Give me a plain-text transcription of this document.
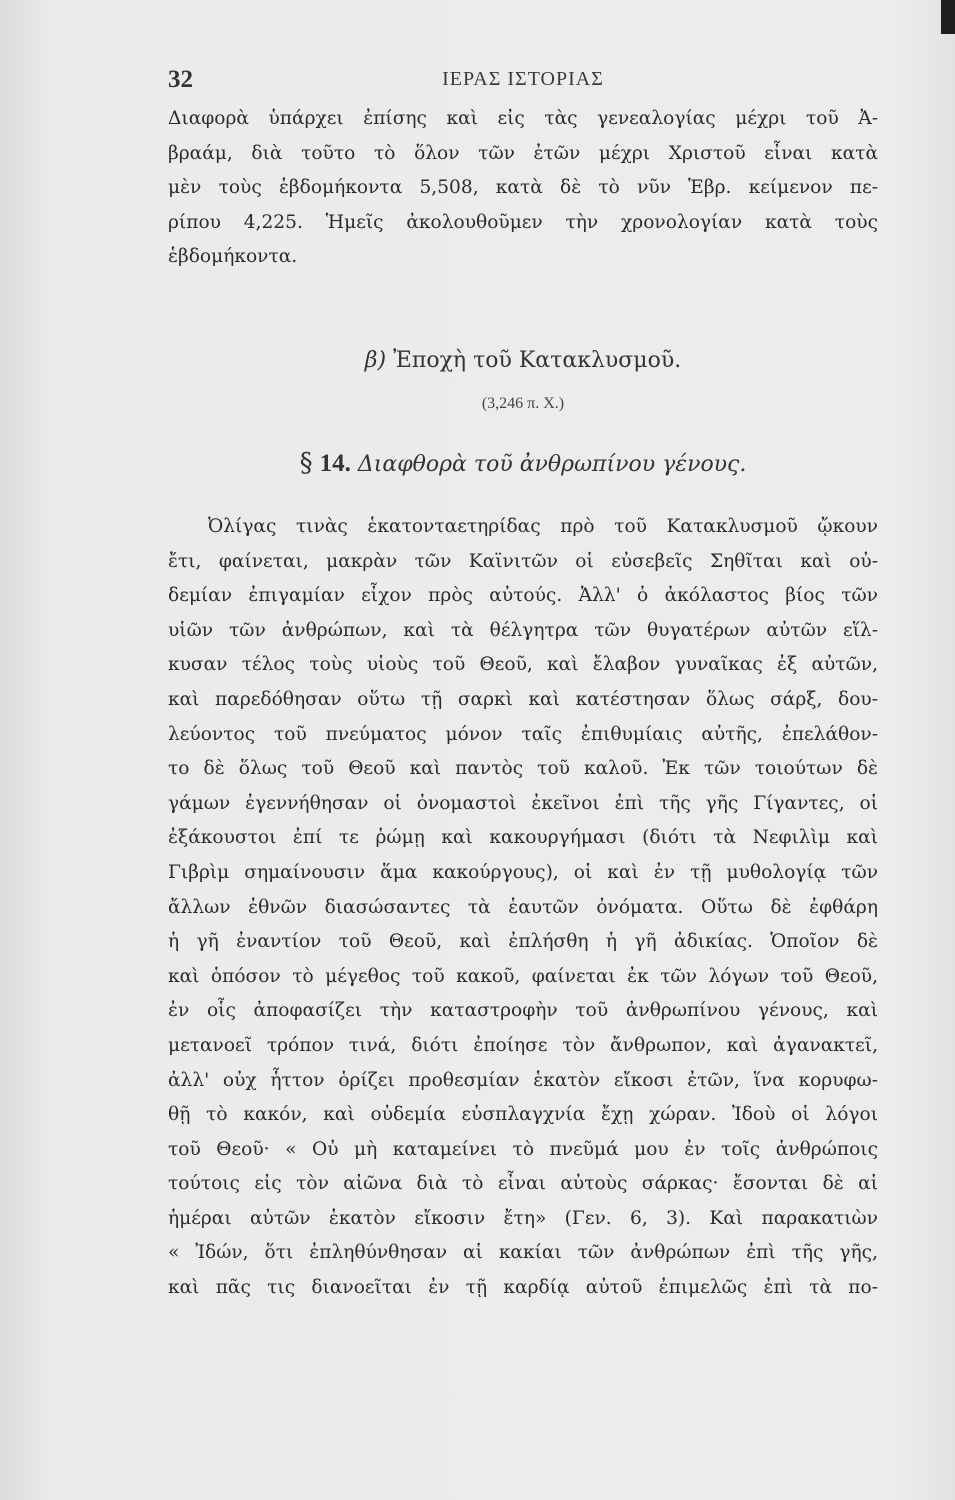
32	ΙΕΡΑΣ ΙΣΤΟΡΙΑΣ
Διαφορὰ ὑπάρχει ἐπίσης καὶ εἰς τὰς γενεαλογίας μέχρι τοῦ Ἀ-
βραάμ, διὰ τοῦτο τὸ ὅλον τῶν ἐτῶν μέχρι Χριστοῦ εἶναι κατὰ
μὲν τοὺς ἑβδομήκοντα 5,508, κατὰ δὲ τὸ νῦν Ἑβρ. κείμενον πε-
ρίπου 4,225. Ἡμεῖς ἀκολουθοῦμεν τὴν χρονολογίαν κατὰ τοὺς
ἑβδομήκοντα.
β) Ἐποχὴ τοῦ Κατακλυσμοῦ.
(3,246 π. Χ.)
§ 14. Διαφθορὰ τοῦ ἀνθρωπίνου γένους.
Ὀλίγας τινὰς ἑκατονταετηρίδας πρὸ τοῦ Κατακλυσμοῦ ᾤκουν
ἔτι, φαίνεται, μακρὰν τῶν Καϊνιτῶν οἱ εὐσεβεῖς Σηθῖται καὶ οὐ-
δεμίαν ἐπιγαμίαν εἶχον πρὸς αὐτούς. Ἀλλ' ὁ ἀκόλαστος βίος τῶν
υἱῶν τῶν ἀνθρώπων, καὶ τὰ θέλγητρα τῶν θυγατέρων αὐτῶν εἵλ-
κυσαν τέλος τοὺς υἱοὺς τοῦ Θεοῦ, καὶ ἔλαβον γυναῖκας ἐξ αὐτῶν,
καὶ παρεδόθησαν οὕτω τῇ σαρκὶ καὶ κατέστησαν ὅλως σάρξ, δου-
λεύοντος τοῦ πνεύματος μόνον ταῖς ἐπιθυμίαις αὐτῆς, ἐπελάθον-
το δὲ ὅλως τοῦ Θεοῦ καὶ παντὸς τοῦ καλοῦ. Ἐκ τῶν τοιούτων δὲ
γάμων ἐγεννήθησαν οἱ ὀνομαστοὶ ἐκεῖνοι ἐπὶ τῆς γῆς Γίγαντες, οἱ
ἐξάκουστοι ἐπί τε ῥώμῃ καὶ κακουργήμασι (διότι τὰ Νεφιλὶμ καὶ
Γιβρὶμ σημαίνουσιν ἅμα κακούργους), οἱ καὶ ἐν τῇ μυθολογίᾳ τῶν
ἄλλων ἐθνῶν διασώσαντες τὰ ἑαυτῶν ὀνόματα. Οὕτω δὲ ἐφθάρη
ἡ γῆ ἐναντίον τοῦ Θεοῦ, καὶ ἐπλήσθη ἡ γῆ ἀδικίας. Ὁποῖον δὲ
καὶ ὁπόσον τὸ μέγεθος τοῦ κακοῦ, φαίνεται ἐκ τῶν λόγων τοῦ Θεοῦ,
ἐν οἷς ἀποφασίζει τὴν καταστροφὴν τοῦ ἀνθρωπίνου γένους, καὶ
μετανοεῖ τρόπον τινά, διότι ἐποίησε τὸν ἄνθρωπον, καὶ ἀγανακτεῖ,
ἀλλ' οὐχ ἧττον ὁρίζει προθεσμίαν ἑκατὸν εἴκοσι ἐτῶν, ἵνα κορυφω-
θῇ τὸ κακόν, καὶ οὐδεμία εὐσπλαγχνία ἔχῃ χώραν. Ἰδοὺ οἱ λόγοι
τοῦ Θεοῦ· « Οὐ μὴ καταμείνει τὸ πνεῦμά μου ἐν τοῖς ἀνθρώποις
τούτοις εἰς τὸν αἰῶνα διὰ τὸ εἶναι αὐτοὺς σάρκας· ἔσονται δὲ αἱ
ἡμέραι αὐτῶν ἑκατὸν εἴκοσιν ἔτη» (Γεν. 6, 3). Καὶ παρακατιὼν
« Ἰδών, ὅτι ἐπληθύνθησαν αἱ κακίαι τῶν ἀνθρώπων ἐπὶ τῆς γῆς,
καὶ πᾶς τις διανοεῖται ἐν τῇ καρδίᾳ αὐτοῦ ἐπιμελῶς ἐπὶ τὰ πο-
